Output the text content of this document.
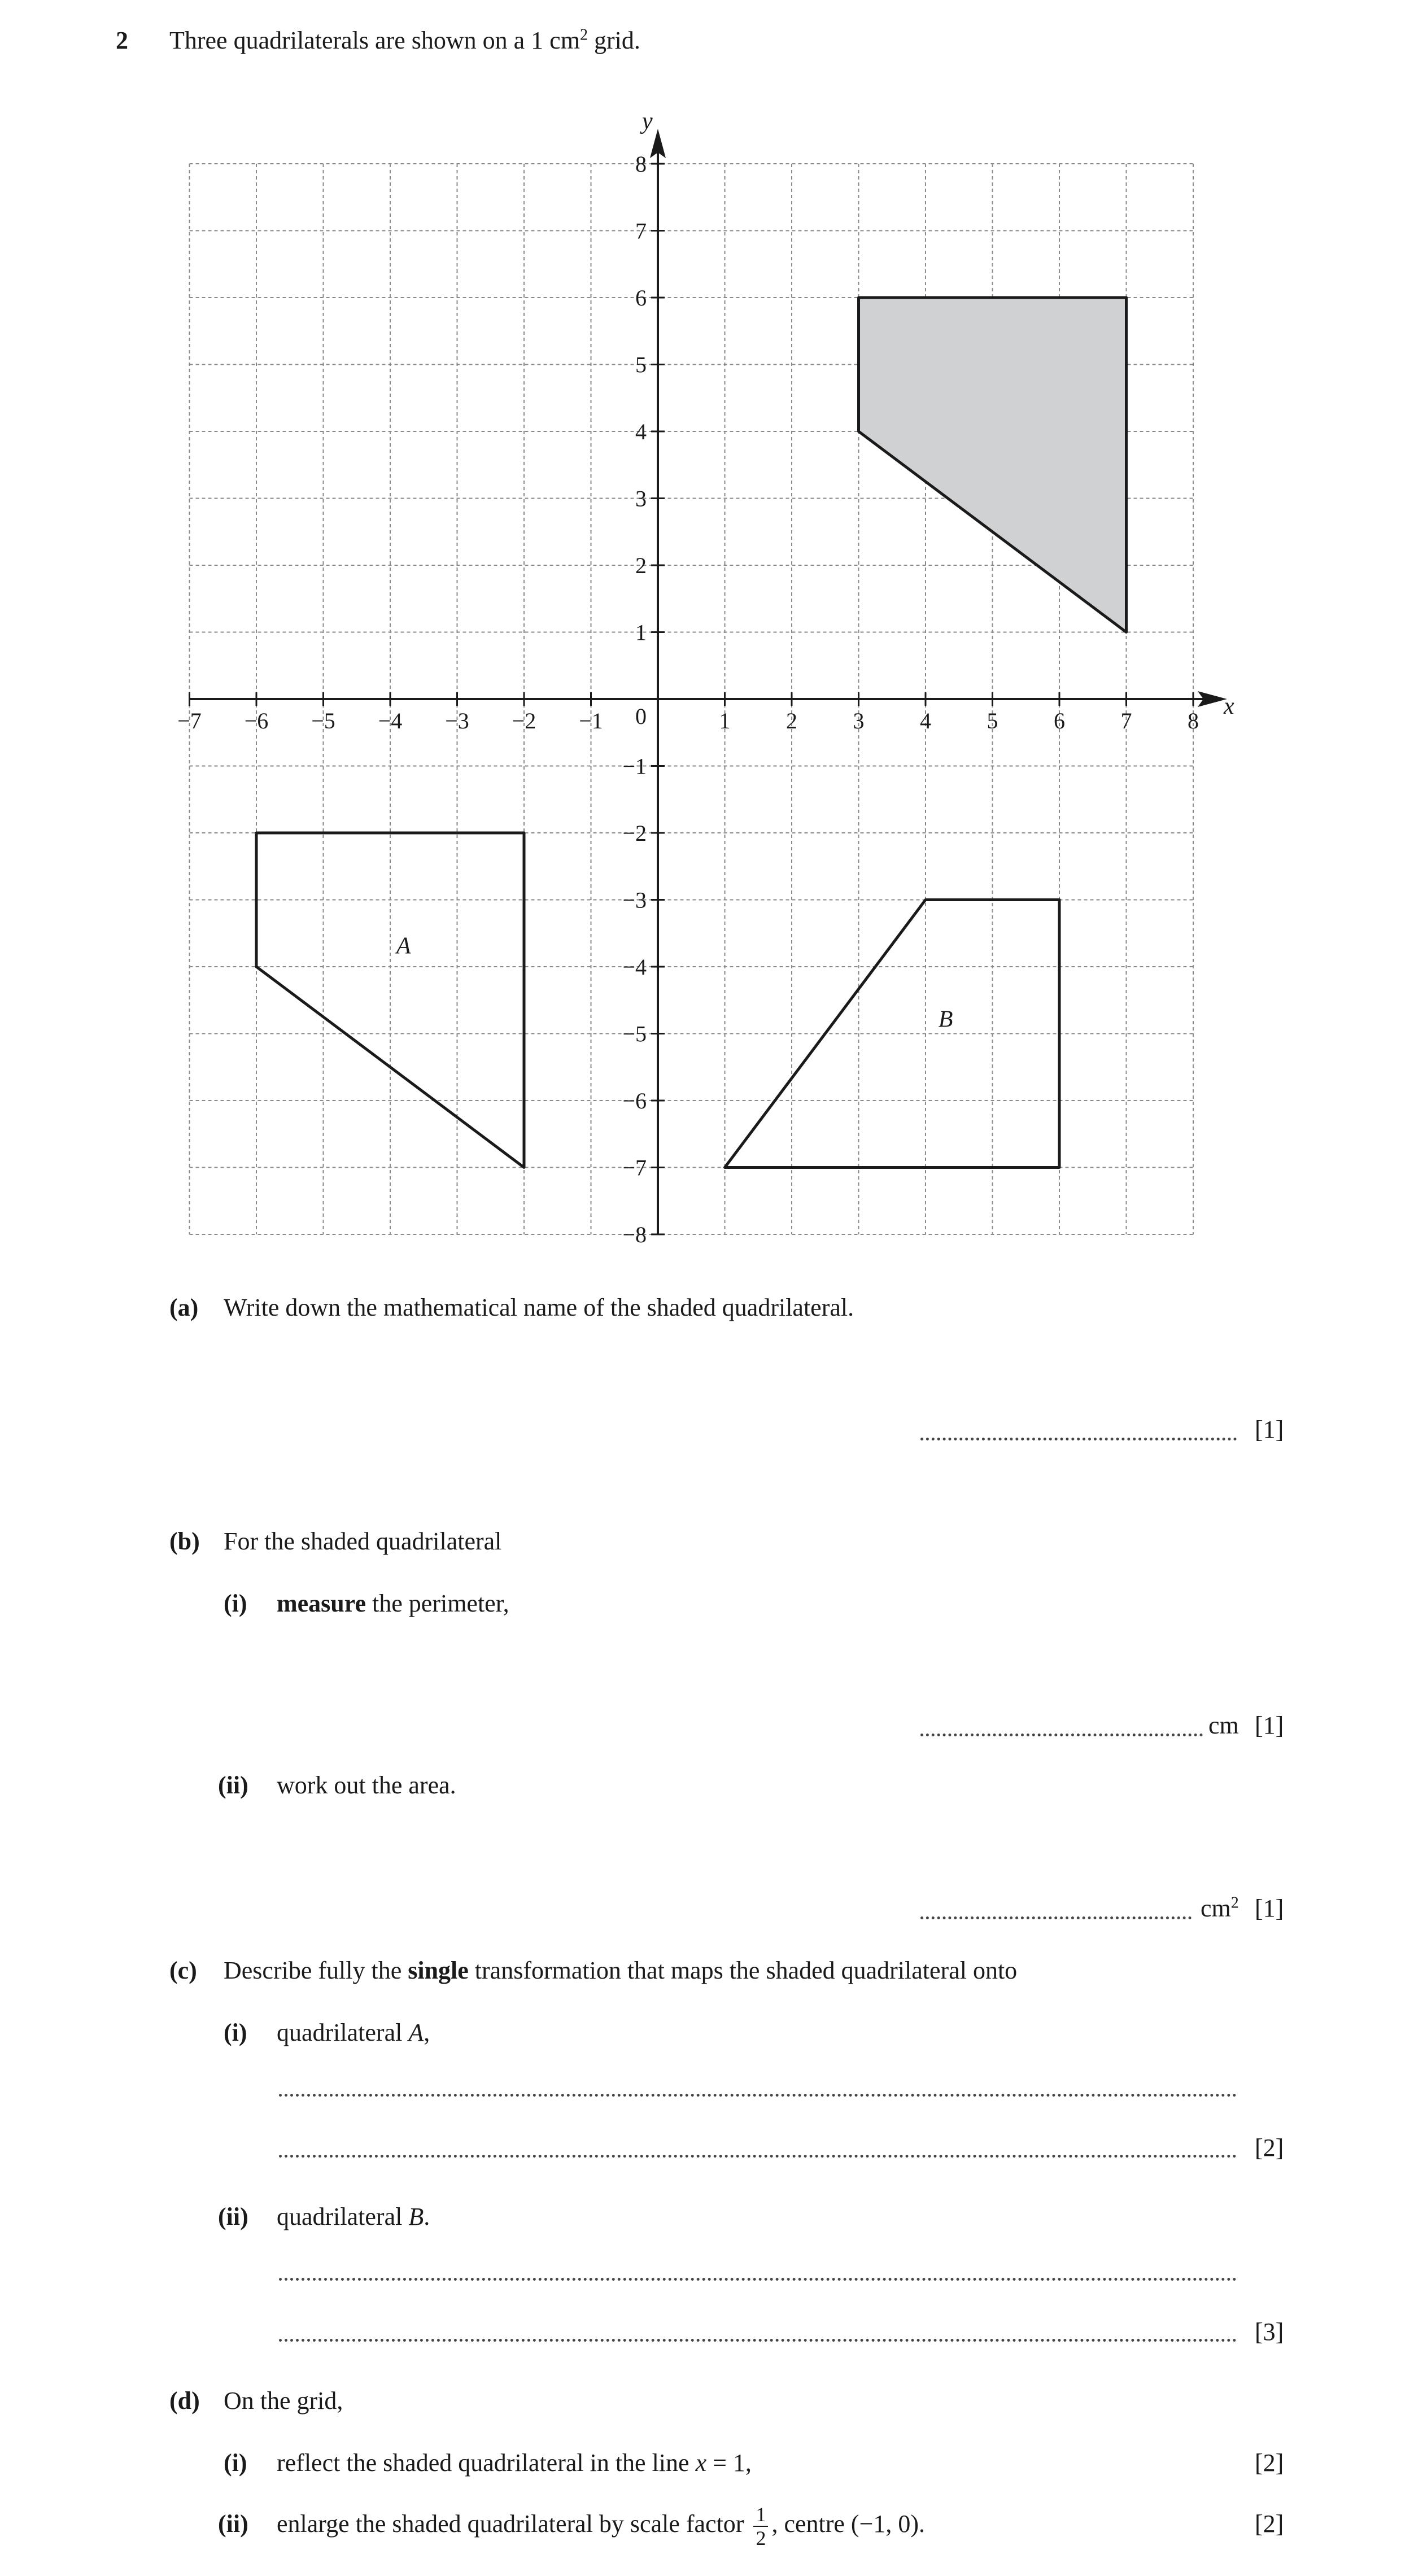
2 Three quadrilaterals are shown on a 1 $cm^2$ grid.
−7 −6 −5 −4 −3 −2 −1	1 2 3 4 5 6 7 8
1
2
3
4
5
6
7
8
−1
−2
−3
−4
−5
−6
−7
−8
0	x
y
A
B
(a) Write down the mathematical name of the shaded quadrilateral.
[1]
(b) For the shaded quadrilateral
(i) measure the perimeter,
cm [1]
(ii) work out the area.
$cm^2$ [1]
(c) Describe fully the single transformation that maps the shaded quadrilateral onto
(i) quadrilateral A,
[2]
(ii) quadrilateral B.
[3]
(d) On the grid,
(i) reflect the shaded quadrilateral in the line x = 1,	[2]
(ii) enlarge the shaded quadrilateral by scale factor $\frac{1}{2}$ , centre (−1, 0).	[2]
